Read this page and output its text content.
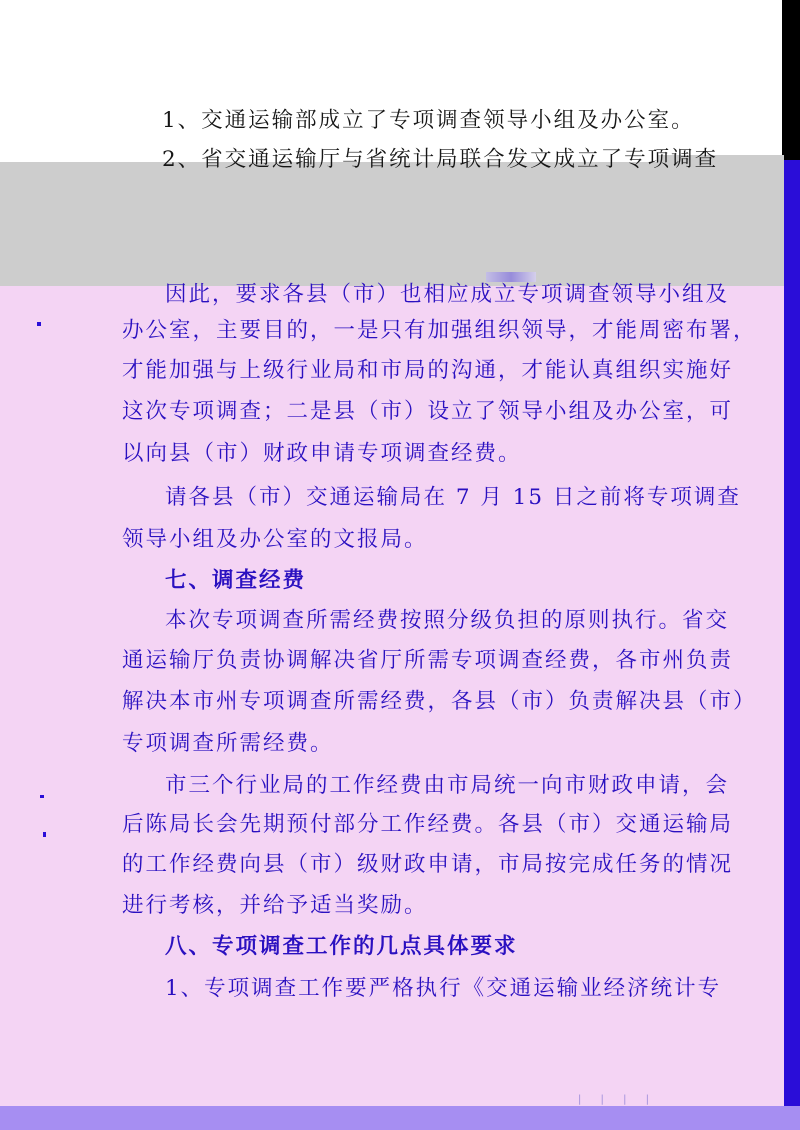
| | | |
1、交通运输部成立了专项调查领导小组及办公室。
2、省交通运输厅与省统计局联合发文成立了专项调查
因此，要求各县（市）也相应成立专项调查领导小组及
办公室，主要目的，一是只有加强组织领导，才能周密布署，
才能加强与上级行业局和市局的沟通，才能认真组织实施好
这次专项调查；二是县（市）设立了领导小组及办公室，可
以向县（市）财政申请专项调查经费。
请各县（市）交通运输局在 7 月 15 日之前将专项调查
领导小组及办公室的文报局。
七、调查经费
本次专项调查所需经费按照分级负担的原则执行。省交
通运输厅负责协调解决省厅所需专项调查经费，各市州负责
解决本市州专项调查所需经费，各县（市）负责解决县（市）
专项调查所需经费。
市三个行业局的工作经费由市局统一向市财政申请，会
后陈局长会先期预付部分工作经费。各县（市）交通运输局
的工作经费向县（市）级财政申请，市局按完成任务的情况
进行考核，并给予适当奖励。
八、专项调查工作的几点具体要求
1、专项调查工作要严格执行《交通运输业经济统计专
